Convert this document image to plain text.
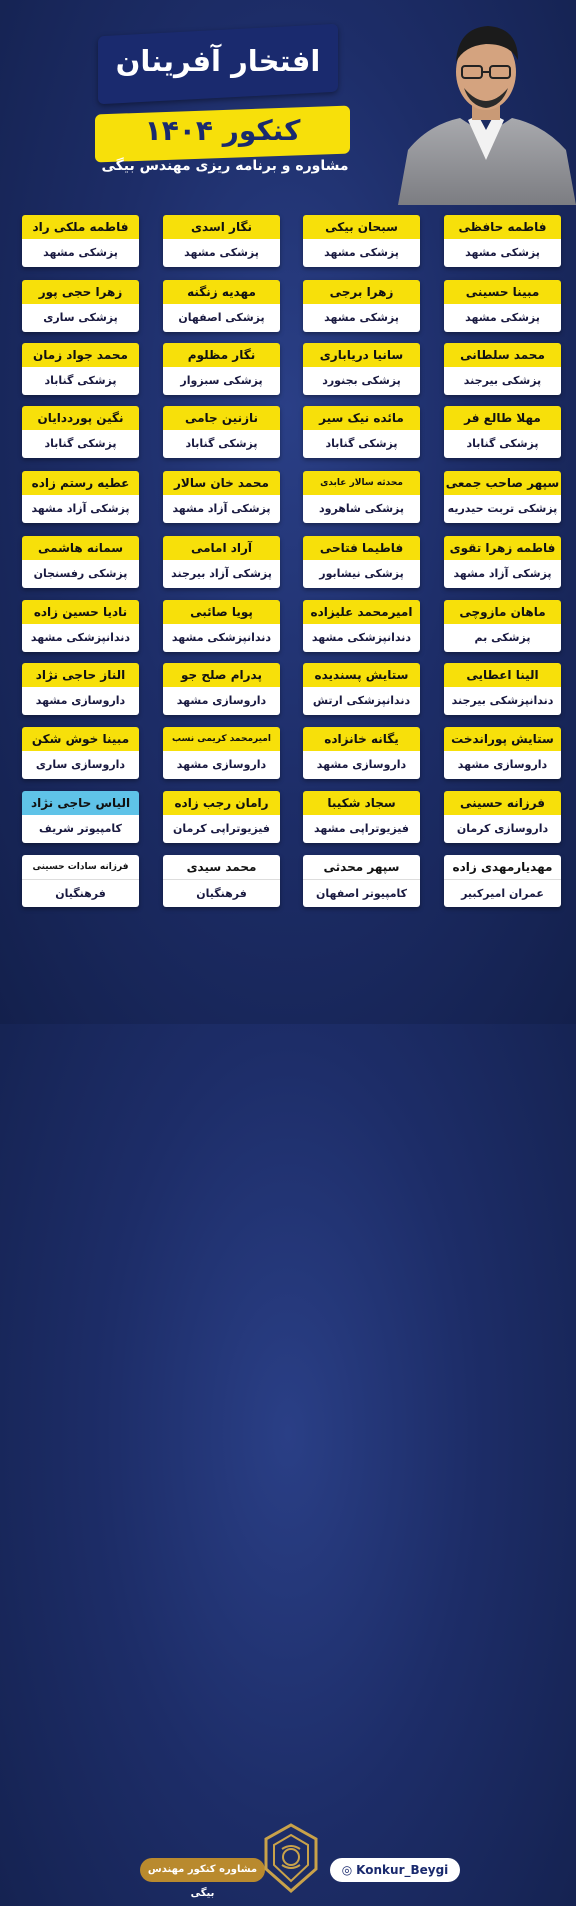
افتخار آفرینان
کنکور ۱۴۰۴
مشاوره و برنامه ریزی مهندس بیگی
فاطمه حافظی
پزشکی مشهد
مبینا حسینی
پزشکی مشهد
محمد سلطانی
پزشکی بیرجند
مهلا طالع فر
پزشکی گناباد
سپهر صاحب جمعی
پزشکی تربت حیدریه
فاطمه زهرا تقوی
پزشکی آزاد مشهد
ماهان مازوچی
پزشکی بم
الینا اعطایی
دندانپزشکی بیرجند
ستایش پوراندخت
داروسازی مشهد
فرزانه حسینی
داروسازی کرمان
مهدیارمهدی زاده
عمران امیرکبیر
سبحان بیکی
پزشکی مشهد
زهرا برجی
پزشکی مشهد
سانیا دریاباری
پزشکی بجنورد
مائده نیک سیر
پزشکی گناباد
محدثه سالار عابدی
پزشکی شاهرود
فاطیما فتاحی
پزشکی نیشابور
امیرمحمد علیزاده
دندانپزشکی مشهد
ستایش پسندیده
دندانپزشکی ارتش
یگانه خانزاده
داروسازی مشهد
سجاد شکیبا
فیزیوتراپی مشهد
سپهر محدثی
کامپیوتر اصفهان
نگار اسدی
پزشکی مشهد
مهدیه زنگنه
پزشکی اصفهان
نگار مظلوم
پزشکی سبزوار
نازنین جامی
پزشکی گناباد
محمد خان سالار
پزشکی آزاد مشهد
آراد امامی
پزشکی آزاد بیرجند
پویا صائبی
دندانپزشکی مشهد
پدرام صلح جو
داروسازی مشهد
امیرمحمد کریمی نسب
داروسازی مشهد
رامان رجب زاده
فیزیوتراپی کرمان
محمد سیدی
فرهنگیان
فاطمه ملکی راد
پزشکی مشهد
زهرا حجی پور
پزشکی ساری
محمد جواد زمان
پزشکی گناباد
نگین پورددایان
پزشکی گناباد
عطیه رستم زاده
پزشکی آزاد مشهد
سمانه هاشمی
پزشکی رفسنجان
نادیا حسین زاده
دندانپزشکی مشهد
الناز حاجی نژاد
داروسازی مشهد
مبینا خوش شکن
داروسازی ساری
الیاس حاجی نژاد
کامپیوتر شریف
فرزانه سادات حسینی
فرهنگیان
مشاوره کنکور مهندس بیگی
◎ Konkur_Beygi
